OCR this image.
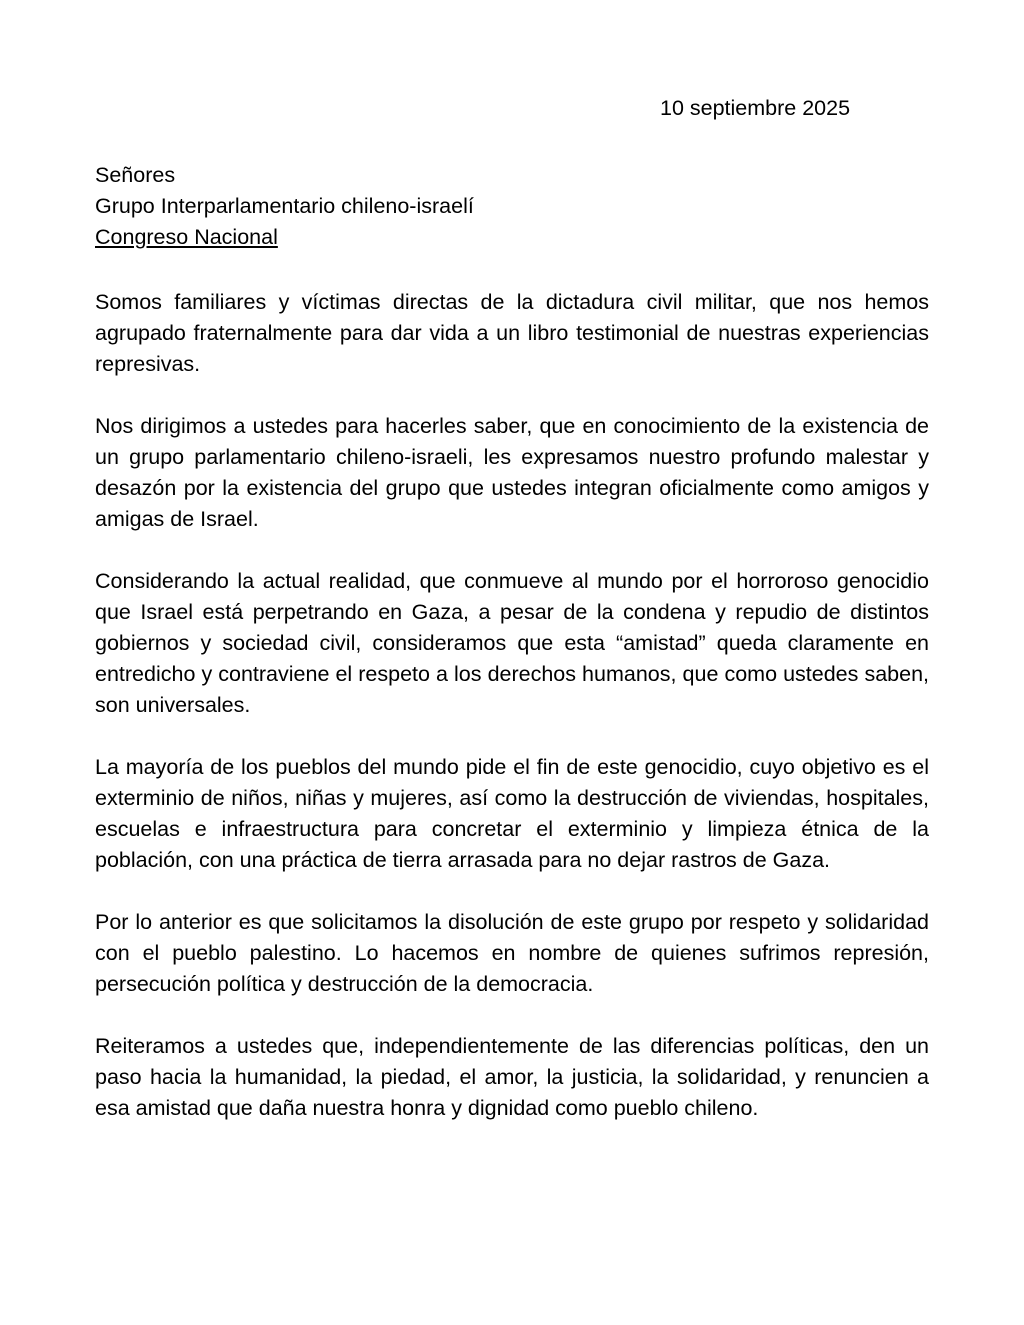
10 septiembre 2025
Señores
Grupo Interparlamentario chileno-israelí
Congreso Nacional

Somos familiares y víctimas directas de la dictadura civil militar, que nos hemos agrupado fraternalmente para dar vida a un libro testimonial de nuestras experiencias represivas.

Nos dirigimos a ustedes para hacerles saber, que en conocimiento de la existencia de un grupo parlamentario chileno-israeli, les expresamos nuestro profundo malestar y desazón por la existencia del grupo que ustedes integran oficialmente como amigos y amigas de Israel.

Considerando la actual realidad, que conmueve al mundo por el horroroso genocidio que Israel está perpetrando en Gaza, a pesar de la condena y repudio de distintos gobiernos y sociedad civil, consideramos que esta “amistad” queda claramente en entredicho y contraviene el respeto a los derechos humanos, que como ustedes saben, son universales.

La mayoría de los pueblos del mundo pide el fin de este genocidio, cuyo objetivo es el exterminio de niños, niñas y mujeres, así como la destrucción de viviendas, hospitales, escuelas e infraestructura para concretar el exterminio y limpieza étnica de la población, con una práctica de tierra arrasada para no dejar rastros de Gaza.

Por lo anterior es que solicitamos la disolución de este grupo por respeto y solidaridad con el pueblo palestino. Lo hacemos en nombre de quienes sufrimos represión, persecución política y destrucción de la democracia.

Reiteramos a ustedes que, independientemente de las diferencias políticas, den un paso hacia la humanidad, la piedad, el amor, la justicia, la solidaridad, y renuncien a esa amistad que daña nuestra honra y dignidad como pueblo chileno.
